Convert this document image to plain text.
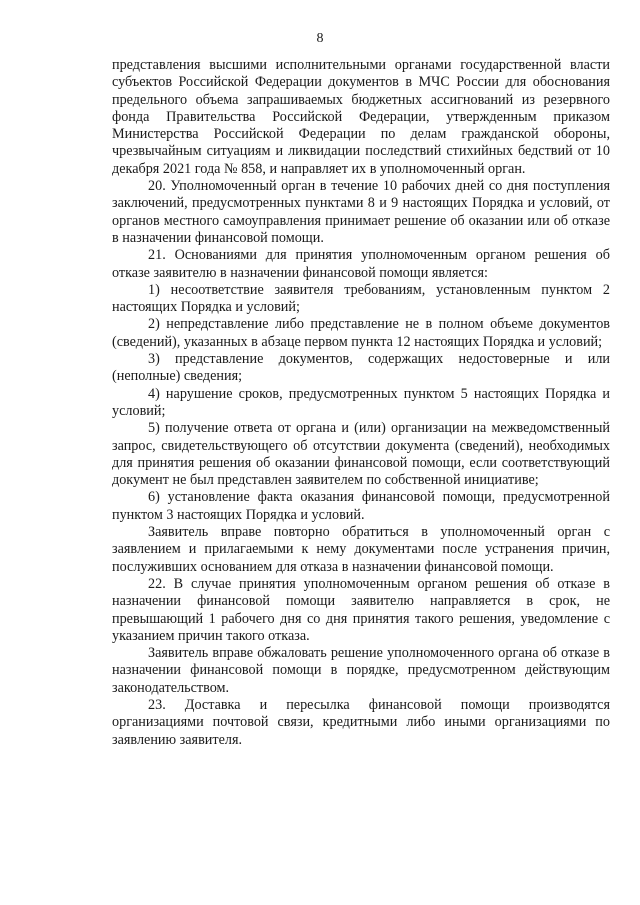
8

представления высшими исполнительными органами государственной власти субъектов Российской Федерации документов в МЧС России для обоснования предельного объема запрашиваемых бюджетных ассигнований из резервного фонда Правительства Российской Федерации, утвержденным приказом Министерства Российской Федерации по делам гражданской обороны, чрезвычайным ситуациям и ликвидации последствий стихийных бедствий от 10 декабря 2021 года № 858, и направляет их в уполномоченный орган.

20. Уполномоченный орган в течение 10 рабочих дней со дня поступления заключений, предусмотренных пунктами 8 и 9 настоящих Порядка и условий, от органов местного самоуправления принимает решение об оказании или об отказе в назначении финансовой помощи.

21. Основаниями для принятия уполномоченным органом решения об отказе заявителю в назначении финансовой помощи является:

1) несоответствие заявителя требованиям, установленным пунктом 2 настоящих Порядка и условий;

2) непредставление либо представление не в полном объеме документов (сведений), указанных в абзаце первом пункта 12 настоящих Порядка и условий;

3) представление документов, содержащих недостоверные и или (неполные) сведения;

4) нарушение сроков, предусмотренных пунктом 5 настоящих Порядка и условий;

5) получение ответа от органа и (или) организации на межведомственный запрос, свидетельствующего об отсутствии документа (сведений), необходимых для принятия решения об оказании финансовой помощи, если соответствующий документ не был представлен заявителем по собственной инициативе;

6) установление факта оказания финансовой помощи, предусмотренной пунктом 3 настоящих Порядка и условий.

Заявитель вправе повторно обратиться в уполномоченный орган с заявлением и прилагаемыми к нему документами после устранения причин, послуживших основанием для отказа в назначении финансовой помощи.

22. В случае принятия уполномоченным органом решения об отказе в назначении финансовой помощи заявителю направляется в срок, не превышающий 1 рабочего дня со дня принятия такого решения, уведомление с указанием причин такого отказа.

Заявитель вправе обжаловать решение уполномоченного органа об отказе в назначении финансовой помощи в порядке, предусмотренном действующим законодательством.

23. Доставка и пересылка финансовой помощи производятся организациями почтовой связи, кредитными либо иными организациями по заявлению заявителя.
